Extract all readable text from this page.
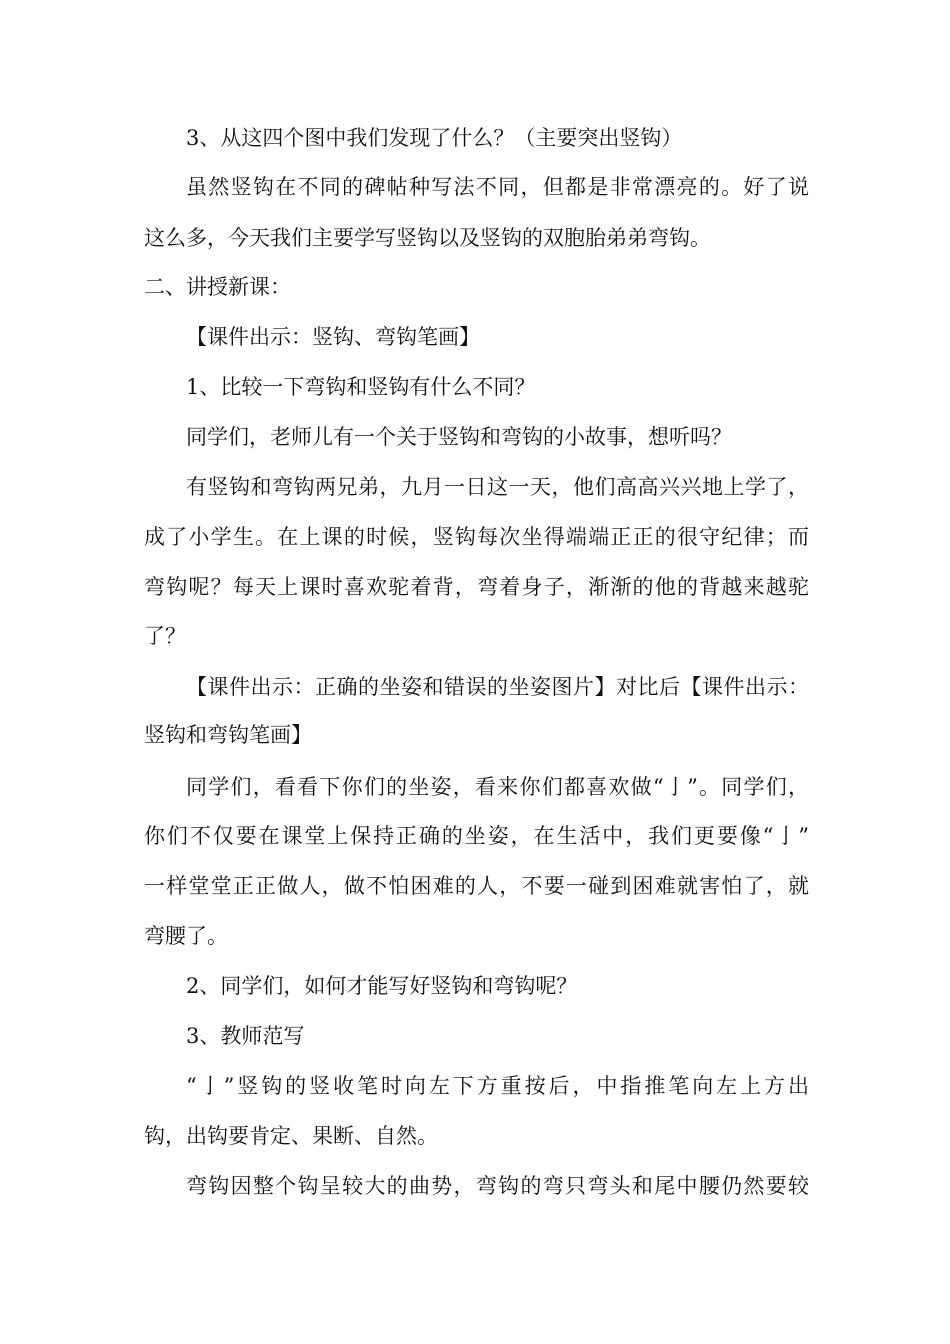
3、从这四个图中我们发现了什么？（主要突出竖钩）
虽然竖钩在不同的碑帖种写法不同，但都是非常漂亮的。好了说
这么多，今天我们主要学写竖钩以及竖钩的双胞胎弟弟弯钩。
二、讲授新课：
【课件出示：竖钩、弯钩笔画】
1、比较一下弯钩和竖钩有什么不同？
同学们，老师儿有一个关于竖钩和弯钩的小故事，想听吗？
有竖钩和弯钩两兄弟，九月一日这一天，他们高高兴兴地上学了，
成了小学生。在上课的时候，竖钩每次坐得端端正正的很守纪律；而
弯钩呢？每天上课时喜欢驼着背，弯着身子，渐渐的他的背越来越驼
了？
【课件出示：正确的坐姿和错误的坐姿图片】对比后【课件出示：
竖钩和弯钩笔画】
同学们，看看下你们的坐姿，看来你们都喜欢做“亅”。同学们，
你们不仅要在课堂上保持正确的坐姿，在生活中，我们更要像“亅”
一样堂堂正正做人，做不怕困难的人，不要一碰到困难就害怕了，就
弯腰了。
2、同学们，如何才能写好竖钩和弯钩呢？
3、教师范写
“亅”竖钩的竖收笔时向左下方重按后，中指推笔向左上方出
钩，出钩要肯定、果断、自然。
弯钩因整个钩呈较大的曲势，弯钩的弯只弯头和尾中腰仍然要较
